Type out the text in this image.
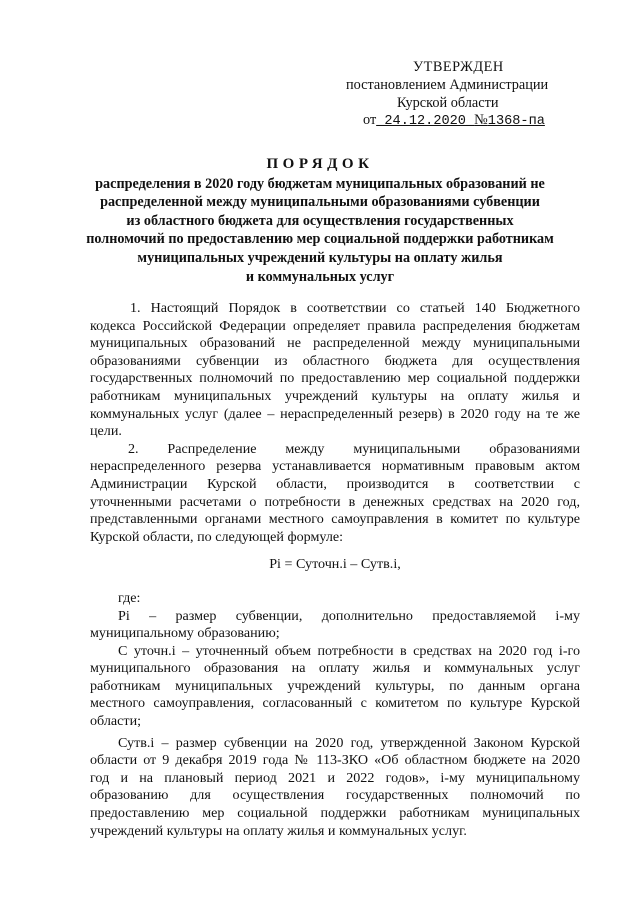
УТВЕРЖДЕН
постановлением Администрации
Курской области
от_24.12.2020_№1368-па
ПОРЯДОК
распределения в 2020 году бюджетам муниципальных образований не
распределенной между муниципальными образованиями субвенции
из областного бюджета для осуществления государственных
полномочий по предоставлению мер социальной поддержки работникам
муниципальных учреждений культуры на оплату жилья
и коммунальных услуг
1. Настоящий Порядок в соответствии со статьей 140 Бюджетного
кодекса Российской Федерации определяет правила распределения бюджетам
муниципальных образований не распределенной между муниципальными
образованиями субвенции из областного бюджета для осуществления
государственных полномочий по предоставлению мер социальной поддержки
работникам муниципальных учреждений культуры на оплату жилья и
коммунальных услуг (далее – нераспределенный резерв) в 2020 году на те же
цели.
2. Распределение между муниципальными образованиями
нераспределенного резерва устанавливается нормативным правовым актом
Администрации Курской области, производится в соответствии с
уточненными расчетами о потребности в денежных средствах на 2020 год,
представленными органами местного самоуправления в комитет по культуре
Курской области, по следующей формуле:
Pi = Суточн.i – Сутв.i,
где:
Pi – размер субвенции, дополнительно предоставляемой i-му
муниципальному образованию;
С уточн.i – уточненный объем потребности в средствах на 2020 год i-го
муниципального образования на оплату жилья и коммунальных услуг
работникам муниципальных учреждений культуры, по данным органа
местного самоуправления, согласованный с комитетом по культуре Курской
области;
Сутв.i – размер субвенции на 2020 год, утвержденной Законом Курской
области от 9 декабря 2019 года № 113-ЗКО «Об областном бюджете на 2020
год и на плановый период 2021 и 2022 годов», i-му муниципальному
образованию для осуществления государственных полномочий по
предоставлению мер социальной поддержки работникам муниципальных
учреждений культуры на оплату жилья и коммунальных услуг.
